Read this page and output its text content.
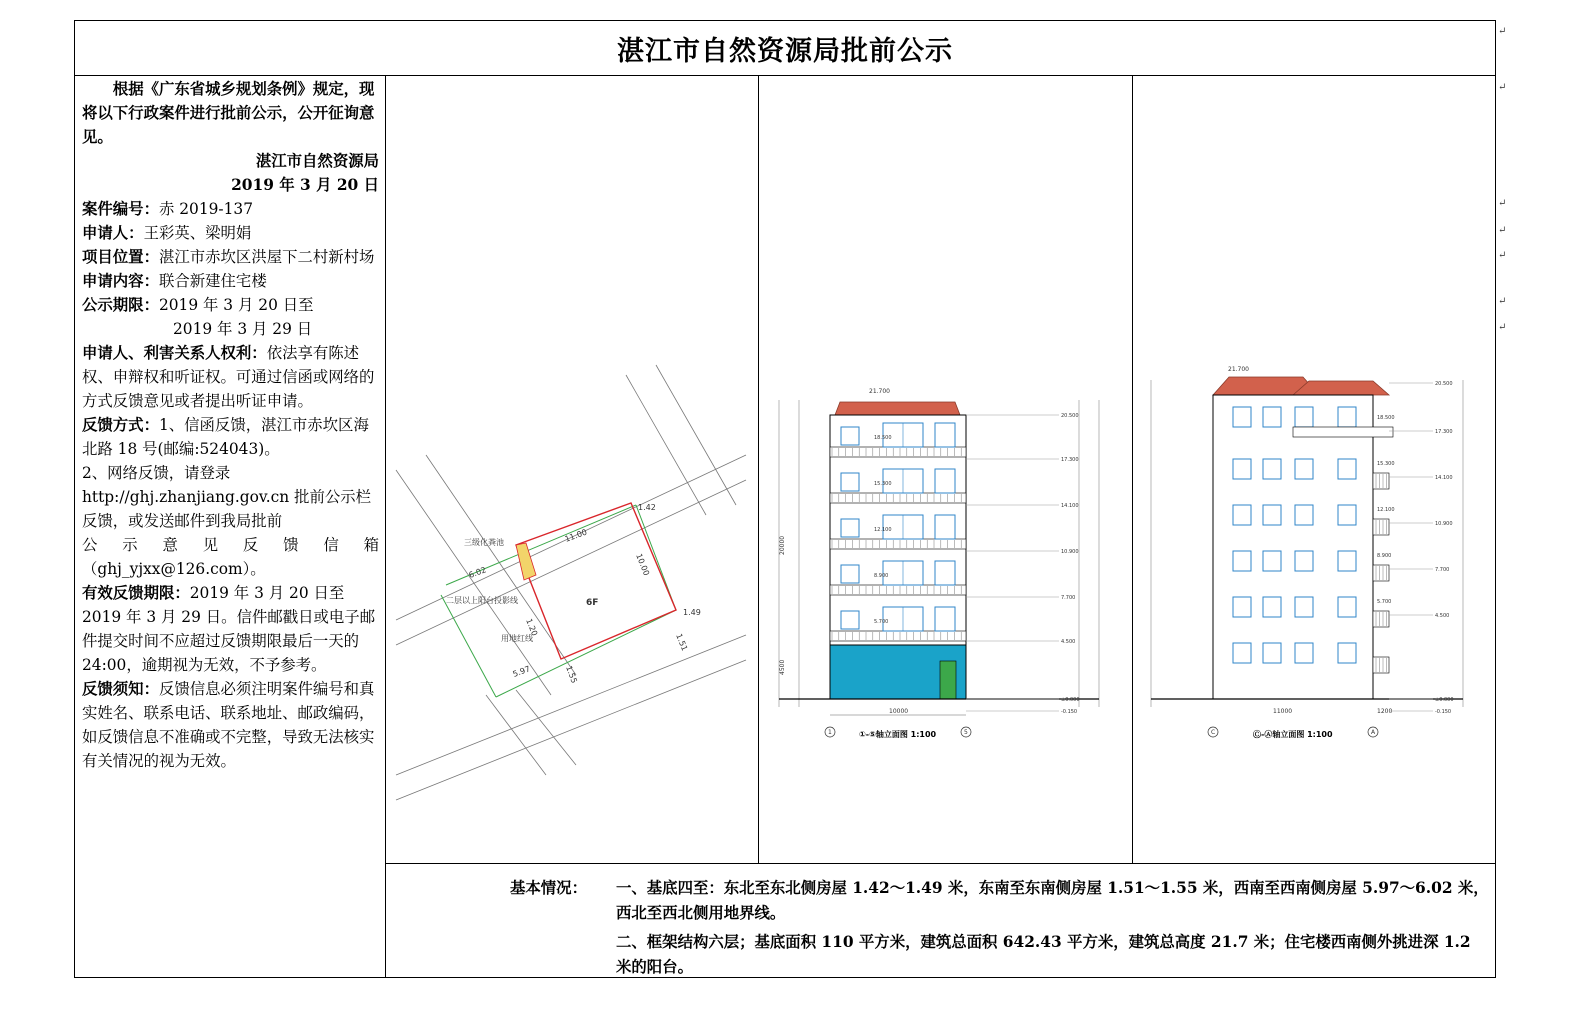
湛江市自然资源局批前公示

根据《广东省城乡规划条例》规定，现将以下行政案件进行批前公示，公开征询意见。

湛江市自然资源局

2019 年 3 月 20 日

案件编号：赤 2019-137

申请人：王彩英、梁明娟

项目位置：湛江市赤坎区洪屋下二村新村场

申请内容：联合新建住宅楼

公示期限：2019 年 3 月 20 日至

2019 年 3 月 29 日

申请人、利害关系人权利：依法享有陈述权、申辩权和听证权。可通过信函或网络的方式反馈意见或者提出听证申请。

反馈方式：1、信函反馈，湛江市赤坎区海北路 18 号(邮编:524043)。

2、网络反馈，请登录

http://ghj.zhanjiang.gov.cn 批前公示栏反馈，或发送邮件到我局批前

公 示 意 见 反 馈 信 箱

（ghj_yjxx@126.com）。

有效反馈期限：2019 年 3 月 20 日至 2019 年 3 月 29 日。信件邮戳日或电子邮件提交时间不应超过反馈期限最后一天的 24:00，逾期视为无效，不予参考。

反馈须知：反馈信息必须注明案件编号和真实姓名、联系电话、联系地址、邮政编码，如反馈信息不准确或不完整，导致无法核实有关情况的视为无效。

6F
三级化粪池
二层以上阳台投影线
用地红线
11.00
10.00
1.42
1.49
1.51
1.55
5.97
6.02
1.20
1	5
10000
21.700
20000
4500
①-⑤轴立面图 1:100
20.500
17.300
14.100
10.900
7.700
4.500
±0.000
-0.150
18.500
15.300
12.100
8.900
5.700
C	A
11000	1200
21.700
Ⓒ-Ⓐ轴立面图 1:100
20.500
17.300
14.100
10.900
7.700
4.500
±0.000
-0.150
18.500
15.300
12.100
8.900
5.700
基本情况： 一、基底四至：东北至东北侧房屋 1.42～1.49 米，东南至东南侧房屋 1.51～1.55 米，西南至西南侧房屋 5.97～6.02 米，西北至西北侧用地界线。
二、框架结构六层；基底面积 110 平方米，建筑总面积 642.43 平方米，建筑总高度 21.7 米；住宅楼西南侧外挑进深 1.2 米的阳台。
↵
↵
↵
↵
↵
↵
↵
